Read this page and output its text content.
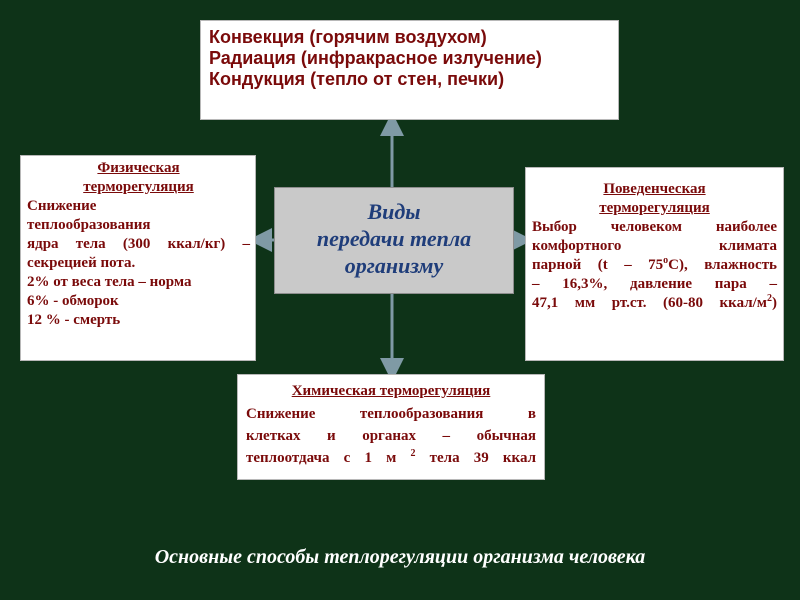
Конвекция (горячим воздухом)
Радиация (инфракрасное излучение)
Кондукция (тепло от стен, печки)
Виды
передачи тепла
организму
Физическая
терморегуляция
Снижение
теплообразования
ядра тела (300 ккал/кг) –
секрецией пота.
2% от веса тела – норма
6% - обморок
12 % - смерть
Поведенческая
терморегуляция
Выбор человеком наиболее
комфортного климата
парной (t – 75$^o$С), влажность
– 16,3%, давление пара –
47,1 мм рт.ст. (60-80 ккал/$м^2$)
Химическая терморегуляция
Снижение теплообразования в
клетках и органах – обычная
теплоотдача с 1 м $^2$ тела 39 ккал
Основные способы теплорегуляции организма человека
